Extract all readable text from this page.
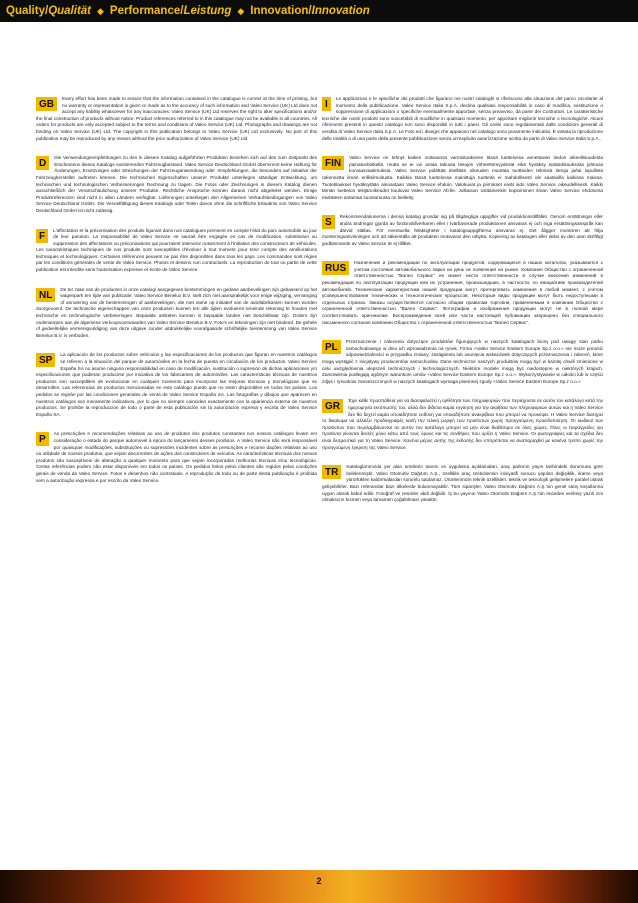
Quality/Qualität ◆ Performance/Leistung ◆ Innovation/Innovation
GB

Every effort has been made to ensure that the information contained in the catalogue is correct at the time of printing, but no warranty or representation is given or made as to the accuracy of such information and Valeo Service (UK) Ltd does not accept any liability whatsoever for any inaccuracies. Valeo Service (UK) Ltd reserves the right to alter specifications and/or the final construction of products without notice. Product references referred to in this catalogue may not be available in all countries. All orders for products are only accepted subject to the terms and conditions of Valeo Service (UK) Ltd. Photographs and drawings are not binding on Valeo Service (UK) Ltd. The copyright in this publication belongs to Valeo Service (UK) Ltd exclusively. No part of this publication may be reproduced by any means without the prior authorization of Valeo Service (UK) Ltd.

D

Die Verwendungsempfehlungen zu den in diesem Katalog aufgeführten Produkten beziehen sich auf den zum Zeitpunkt des Erscheinens dieses Katalogs existierenden Fahrzeugbestand. Valeo Service Deutschland GmbH übernimmt keine Haftung für Änderungen, Ersetzungen oder Streichungen der Fahrzeuganwendung oder -Empfehlungen, die besonders auf Initiative der Fahrzeughersteller auftreten können. Die technischen Eigenschaften unserer Produkte unterliegen ständiger Entwicklung, um technischen und technologischen Verbesserungen Rechnung zu tragen. Die Fotos oder Zeichnungen in diesem Katalog dienen ausschließlich der Veranschaulichung unserer Produkte. Rechtliche Ansprüche können daraus nicht abgeleitet werden. Einige Produktreferenzen sind nicht in allen Ländern verfügbar. Lieferungen unterliegen den Allgemeinen Verkaufsbedingungen von Valeo Service Deutschland GmbH. Die Vervielfältigung dieses Katalogs oder Teilen davon ohne die schriftliche Erlaubnis von Valeo Service Deutschland GmbH ist nicht zulässig.

F

L'affectation et la préconisation des produits figurant dans nos catalogues prennent en compte l'état du parc automobile au jour de leur parution. La responsabilité de Valeo Service ne saurait être engagée en cas de modification, substitution ou suppression des affectations ou préconisations qui pourraient intervenir notamment à l'initiative des constructeurs de véhicules. Les caractéristiques techniques de nos produits sont susceptibles d'évoluer à tout moment pour tenir compte des améliorations techniques et technologiques. Certaines références peuvent ne pas être disponibles dans tous les pays. Les commandes sont régies par les conditions générales de vente de Valeo Service. Photos et dessins non contractuels. La reproduction de tout ou partie de cette publication est interdite sans l'autorisation expresse et écrite de Valeo Service.

NL

De ter zake van de producten in onze catalogi aangegeven bestemmingen en gedane aanbevelingen zijn gebaseerd op het wagenpark ten tijde van publicatie. Valeo Service Benelux B.V. stelt zich niet aansprakelijk voor enige wijziging, vervanging of annulering van de bestemmingen of aanbevelingen, die met name op initiatief van de autofabrikanten kunnen worden doorgevoerd. De technische eigenschappen van onze producten kunnen ten alle tijden evolueren teneinde rekening te houden met technische en technologische verbeteringen. Bepaalde artikelen kunnen in bepaalde landen niet beschikbaar zijn. Orders zijn onderworpen aan de algemene verkoopvoorwaarden van Valeo Service Benelux B.V. Foto's en tekeningen zijn niet bindend. De gehele of gedeeltelijke vermenigvuldiging van deze uitgave zonder uitdrukkelijke voorafgaande schriftelijke toestemming van Valeo Service Benelux B.V. is verboden.

SP

La aplicación de los productos sobre vehículos y las especificaciones de los productos que figuran en nuestros catálogos se refieren a la situación del parque de automóviles en la fecha de puesta en circulación de los productos. Valeo Service España SA no asume ninguna responsabilidad en caso de modificación, sustitución o supresión de dichas aplicaciones y/o especificaciones que pudieran producirse por iniciativa de los fabricantes de automóviles. Las características técnicas de nuestros productos son susceptibles de evolucionar en cualquier momento para incorporar las mejoras técnicas y tecnológicas que se desarrollen. Las referencias de productos mencionadas en este catálogo puede que no estén disponibles en todos los países. Los pedidos se regirán por las condiciones generales de venta de Valeo Service España SA. Las fotografías y dibujos que aparecen en nuestros catálogos son meramente indicativos, por lo que no siempre coinciden exactamente con la apariencia externa de nuestros productos. Se prohíbe la reproducción de todo o parte de esta publicación sin la autorización expresa y escrita de Valeo Service España SA.

P

As prescrições e recomendações relativas ao uso de produtos dos produtos constantes nos nossos catálogos levam em consideração o estado do parque automovel à época do lançamento desses produtos. A Valeo Service não será responsável por quaisquer modificações, substituições ou supressões incidentes sobre as prescrições e recome dações relativas ao uso ou utilidade de nossos produtos, que sejam decorrentes de ações dos construtores de veículos. As características técnicas dos nossos produtos são susceptíveis de alteração a qualquer momento para que sejam incorporadas melhorias técnicas e/ou tecnológicas. Certas referências podem não estar disponíveis em todos os países. Os pedidos feitos pelos clientes são regidos pelas condições gerais de venda da Valeo Service. Fotos e desenhos não contratuais. A reprodução de todo ou de parte desta publicação é proibida sem a autorização expressa e por escrito da Valeo Service.

I

Le applicazioni e le specifiche dei prodotti che figurano nei nostri cataloghi si riferiscono alla situazione del parco circolante al momento della pubblicazione. Valeo Service Italia S.p.A. declina qualsiasi responsabilità in caso di modifica, sostituzione o soppressione di applicazioni o specifiche eventualmente apportate, senza preavviso, da parte dei Costruttori. Le caratteristiche tecniche dei nostri prodotti sono suscettibili di modifiche in qualsiasi momento, per apportare migliorie tecniche o tecnologiche. Alcuni riferimenti presenti in questo catalogo non sono disponibili in tutti i paesi. Gli ordini sono regolamentati dalle condizioni generali di vendita di Valeo Service Italia S.p.A. Le Foto ed i disegni che appaiono nel catalogo sono puramente indicativi. È vietata la riproduzione delle totalità o di una parte della presente pubblicazione senza un'esplicita autorizzazione scritta da parte di Valeo Service Italia S.p.A..

FIN

Valeo Service on tehnyt kaiken voitavansa varmistuakseen tässä luettelossa annettavan tiedon oikeellisuudesta painatushetkellä, mutta se ei voi antaa takuuta tietojen virheettömyydestä eikä hyväksy epätarkkuuksista johtuvia korvausvaatimuksia. Valeo Service pidättää itsellään oikeuden muuttaa tuotteiden teknisiä tietoja ja/tai lopullista rakennetta ilman erillisilmoitusta. Kaikkia tässä luettelossa mainittuja tuotteita ei mahdollisesti ole saatavilla kaikissa maissa. Tuotetilaukset hyväksytään ainoastaan Valeo Service ehdoin. Valokuvat ja piirrokset eivät sido Valeo Service oikeudellisesti. Kaikki tämän luettelon tekijänoikeudet kuuluvat Valeo Service Ab:lle. Julkaisun osittainenkin kopioiminen ilman Valeo Service ehdotonta etukäteen antamaa suostumusta on kielletty.

S

Rekommendationerna i denna katalog grundar sig på tillgängliga uppgifter vid produktionstillfället. Genom ersättningar eller andra ändringar gjorda av fordonstillverkaren eller i tvärbaserade produktionen ansvaras ej och inga ersättningsanspråk kan därvid ställas. För eventuella felaktigheter i katalogsuppgifterna ansvaras ej. Det åligger montören att följa monteringsanvisningen och att säkerställa att produkten motsvarar den utbytta. Kopiering av katalogen eller delar av den utan skriftligt godkännande av Valeo Service är ej tillåtet.

RUS

Назначение и рекомендации по эксплуатации продуктов, содержащиеся в наших каталогах, указываются с учетом состояния автомобильного парка на день их появления на рынке. Компания Общество с ограниченной ответственностью "Валео Сервис" не может нести ответственности в случае внесения изменений в рекомендации по эксплуатации продукции или их устранения, произошедших, в частности, по инициативе производителей автомобилей. Технические характеристики нашей продукции могут претерпевать изменения в любой момент, с учетом усовершенствования технических и технологических процессов. Некоторые виды продукции могут быть недоступными в отдельных странах. Заказы осуществляются согласно общим правилам торговли, применяемым в компании Общество с ограниченной ответственностью "Валео Сервис". Фотографии и изображения продукции могут не в полной мере соответствовать оригиналам. Воспроизведение всей или части настоящей публикации запрещено без специального письменного согласия компании Общество с ограниченной ответственностью "Валео Сервис".

PL

Przeznaczenie i zalecenia dotyczące produktów figurujących w naszych katalogach biorą pod uwagę stan parku samochodowego w dniu ich wprowadzenia na rynek. Firma «Valeo Service Eastern Europe Sp.z o.o.» nie może ponosić odpowiedzialności w przypadku zmiany, zastąpienia lub usunięcia wskazówek dotyczących przeznaczenia i zaleceń, które mogą wystąpić z inicjatywy producentów samochodów. Dane techniczne naszych produktów mogą być w każdej chwili zmienione w celu uwzględnienia ulepszeń technicznych i technologicznych. Niektóre modele mogą być niedostępne w niektórych krajach. Zamówienia podlegają ogólnym warunkom umów «Valeo Service Eastern Europe Sp.z o.o.». Wykorzystywanie w całości lub w części zdjęć i rysunków zamieszczonych w naszych katalogach wymaga pisemnej zgody «Valeo Service Eastern Europe Sp.z o.o.»

GR

Έχει κάθε προσπάθεια για να διασφαλιστεί η ορθότητα των πληροφοριών που περιέχονται σε αυτόν τον κατάλογο κατά την ημερομηνία εκτύπωσής του, αλλά δεν δίδεται καμία εγγύηση για την ακρίβεια των πληροφοριών αυτών και η Valeo Service δεν θα δεχτεί καμία οποιαδήποτε ευθύνη για οποιαδήποτε ανακρίβεια που μπορεί να προκύψει. Η Valeo Service διατηρεί το δικαίωμα να αλλάζει προδιαγραφές και/ή την τελική μορφή των προϊόντων χωρίς προηγούμενη προειδοποίηση. Οι κωδικοί των προϊόντων που περιλαμβάνονται σε αυτόν τον κατάλογο μπορεί να μην είναι διαθέσιμοι σε όλες χώρες. Όλες οι παραγγελίες για προϊόντα γίνονται δεκτές μόνο κάτω από τους όρους και τις συνθήκες που ορίζει η Valeo Service. Οι φωτογραφίες και τα σχέδια δεν είναι δεσμευτικά για τη Valeo Service. Κανένα μέρος αυτής της έκδοσης δεν επιτρέπεται να αναπαραχθεί με κανένα τρόπο χωρίς την προηγούμενη έγκριση της Valeo Service.

TR

Kataloglarımızda yer alan ürünlerin tanımı ve uygulama açıklamaları, araç parkının yayın tarihindeki durumuna göre belirlenmiştir. Valeo Otomotiv Dağıtım A.Ş., özellikle araç üreticilerinin inisiyatifi sonucu yapılan değişiklik, ikame veya yürürlükten kaldırmalardan sorumlu tutulamaz. Ürünlerimizin teknik özellikleri, teknik ve teknolojik gelişmelere paralel olarak gelişebilirler. Bazı referanslar bazı ülkelerde bulunmayabilir. Tüm siparişler, Valeo Otomotiv Dağıtım A.Ş.'nin genel satış koşullarına uygun olarak kabul edilir. Fotoğraf ve resimler akdi değildir. İş bu yayının Valeo Otomotiv Dağıtım A.Ş.'nin önceden verilmiş yazılı izni olmaksızın kısmen veya tamamen çoğaltılması yasaktır.

2
